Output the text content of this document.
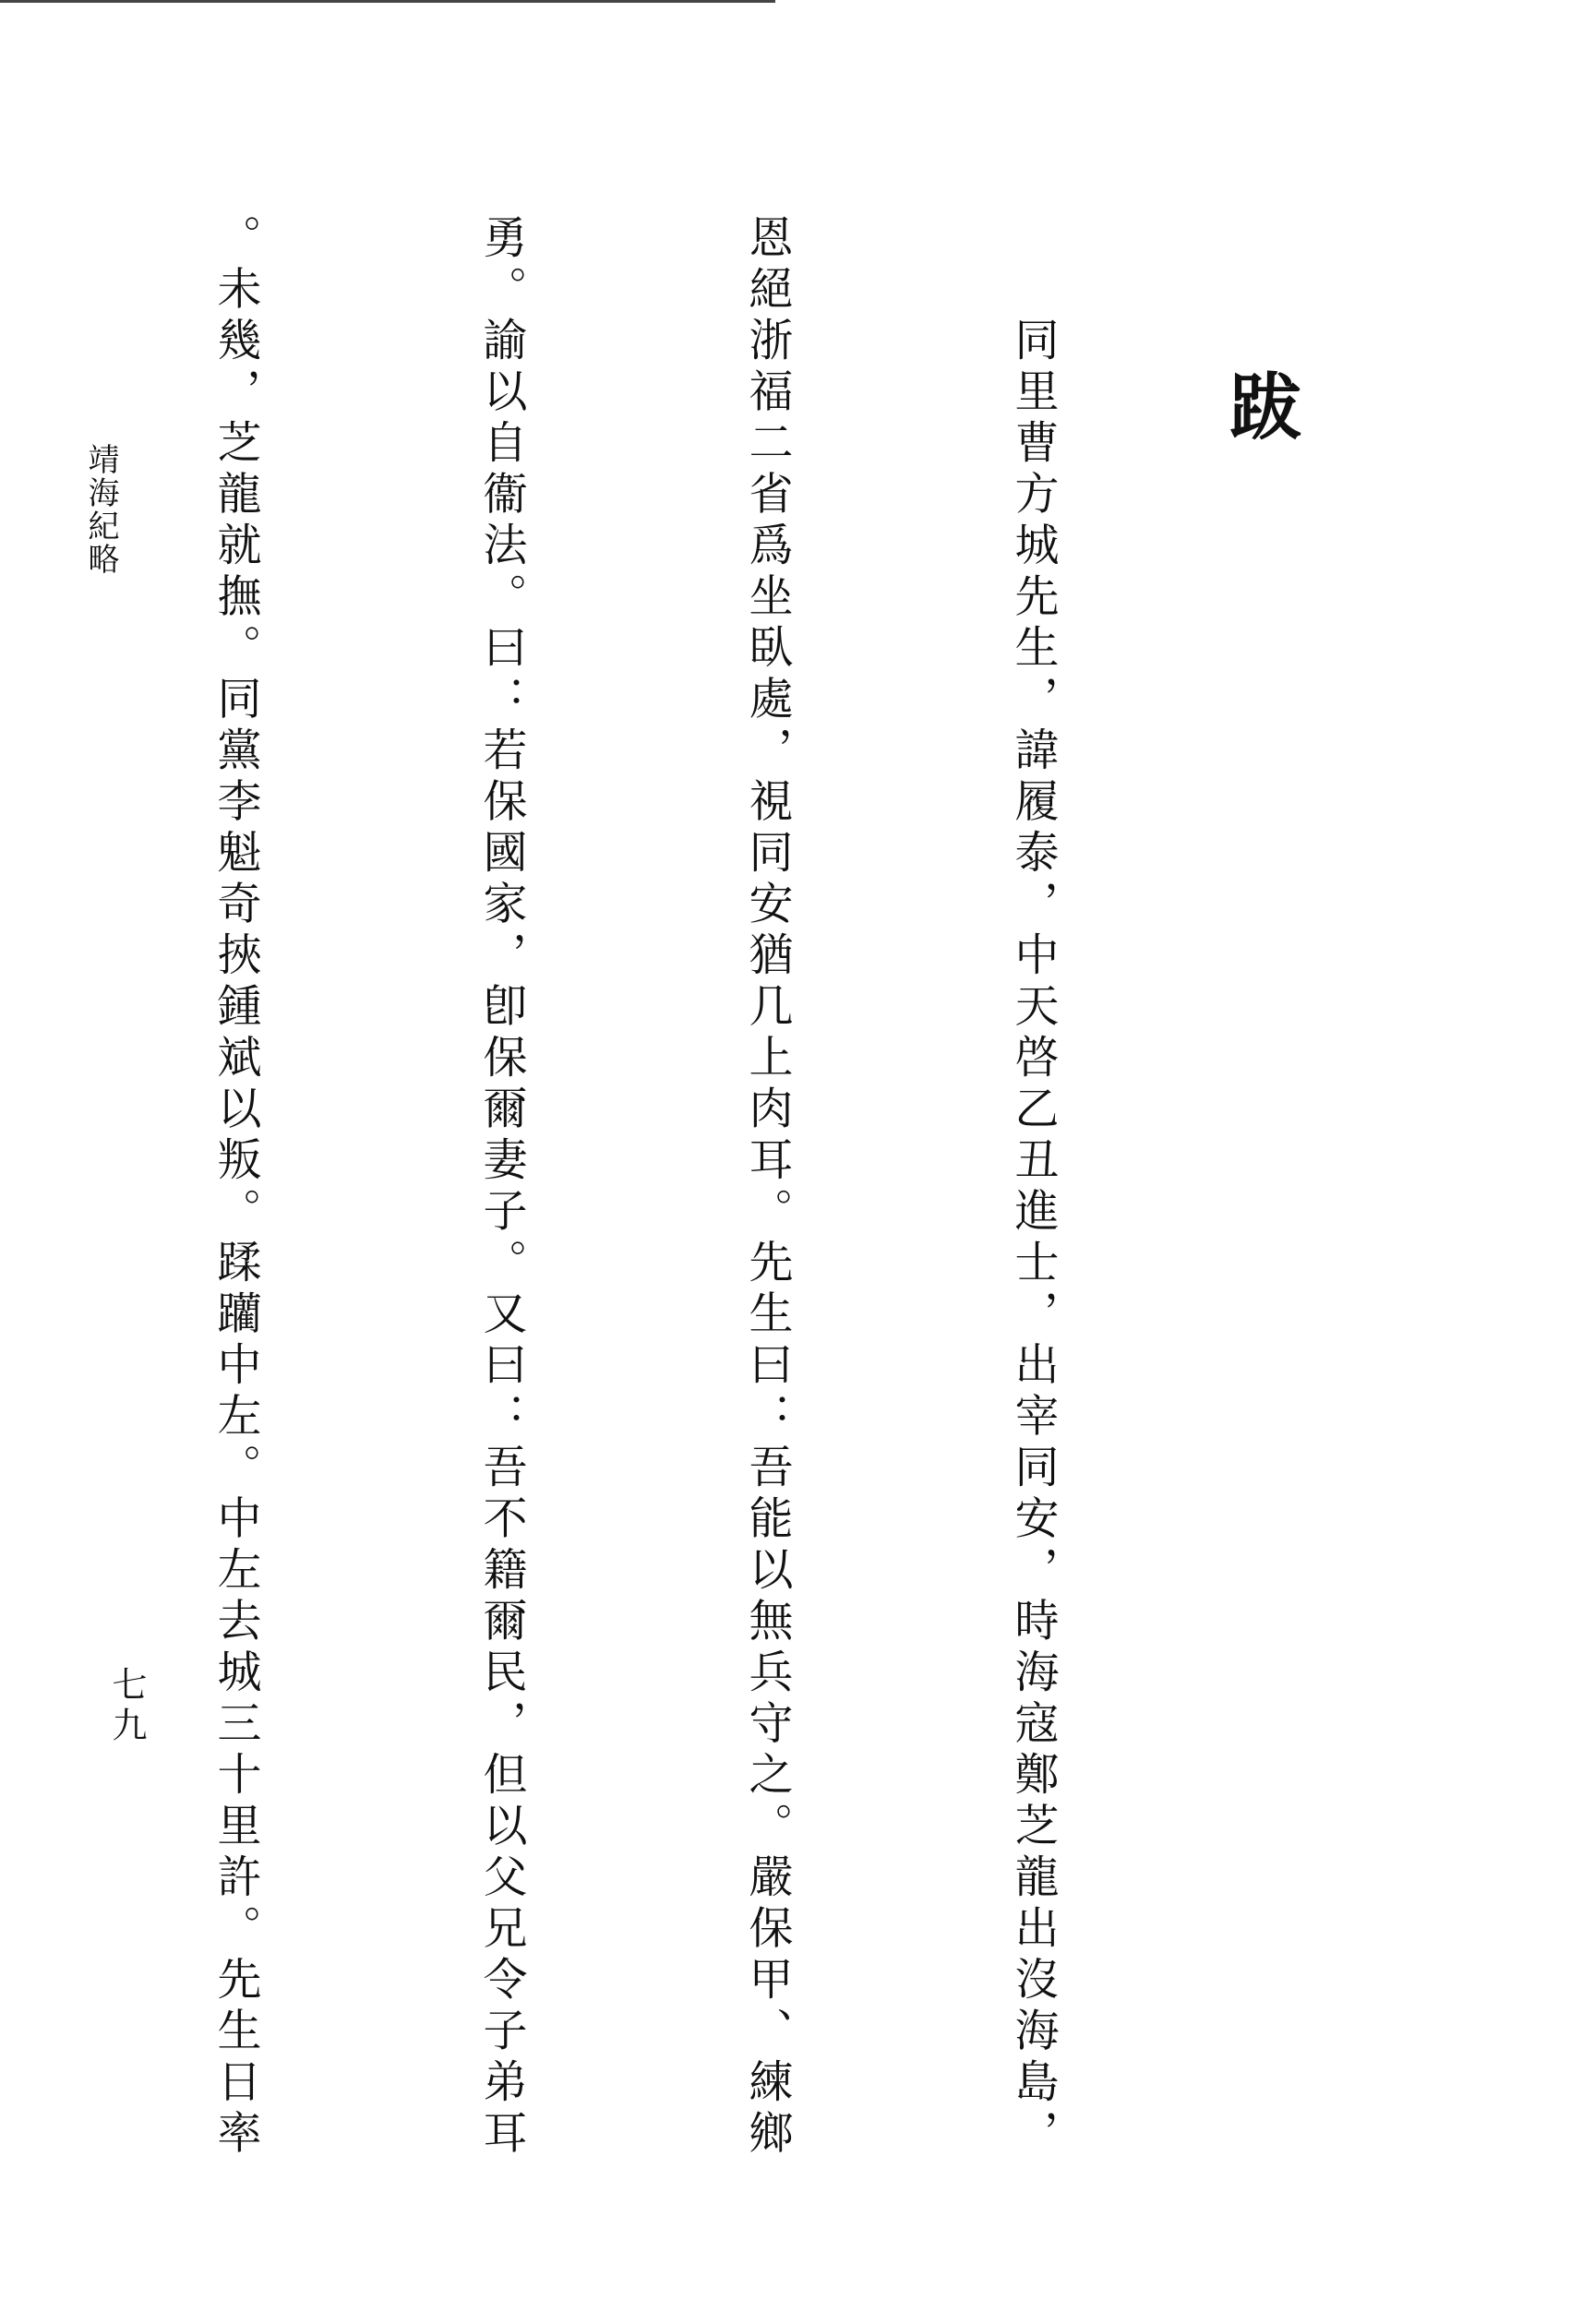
跋

　　同里曹方城先生，諱履泰，中天啓乙丑進士，出宰同安，時海寇鄭芝龍出沒海島，

恩絕浙福二省爲坐臥處，視同安猶几上肉耳。先生曰：吾能以無兵守之。嚴保甲、練鄉

勇。諭以自衞法。曰：若保國家，卽保爾妻子。又曰：吾不籍爾民，但以父兄令子弟耳

。未幾，芝龍就撫。同黨李魁奇挾鍾斌以叛。蹂躪中左。中左去城三十里許。先生日率

靖海紀略
七九
